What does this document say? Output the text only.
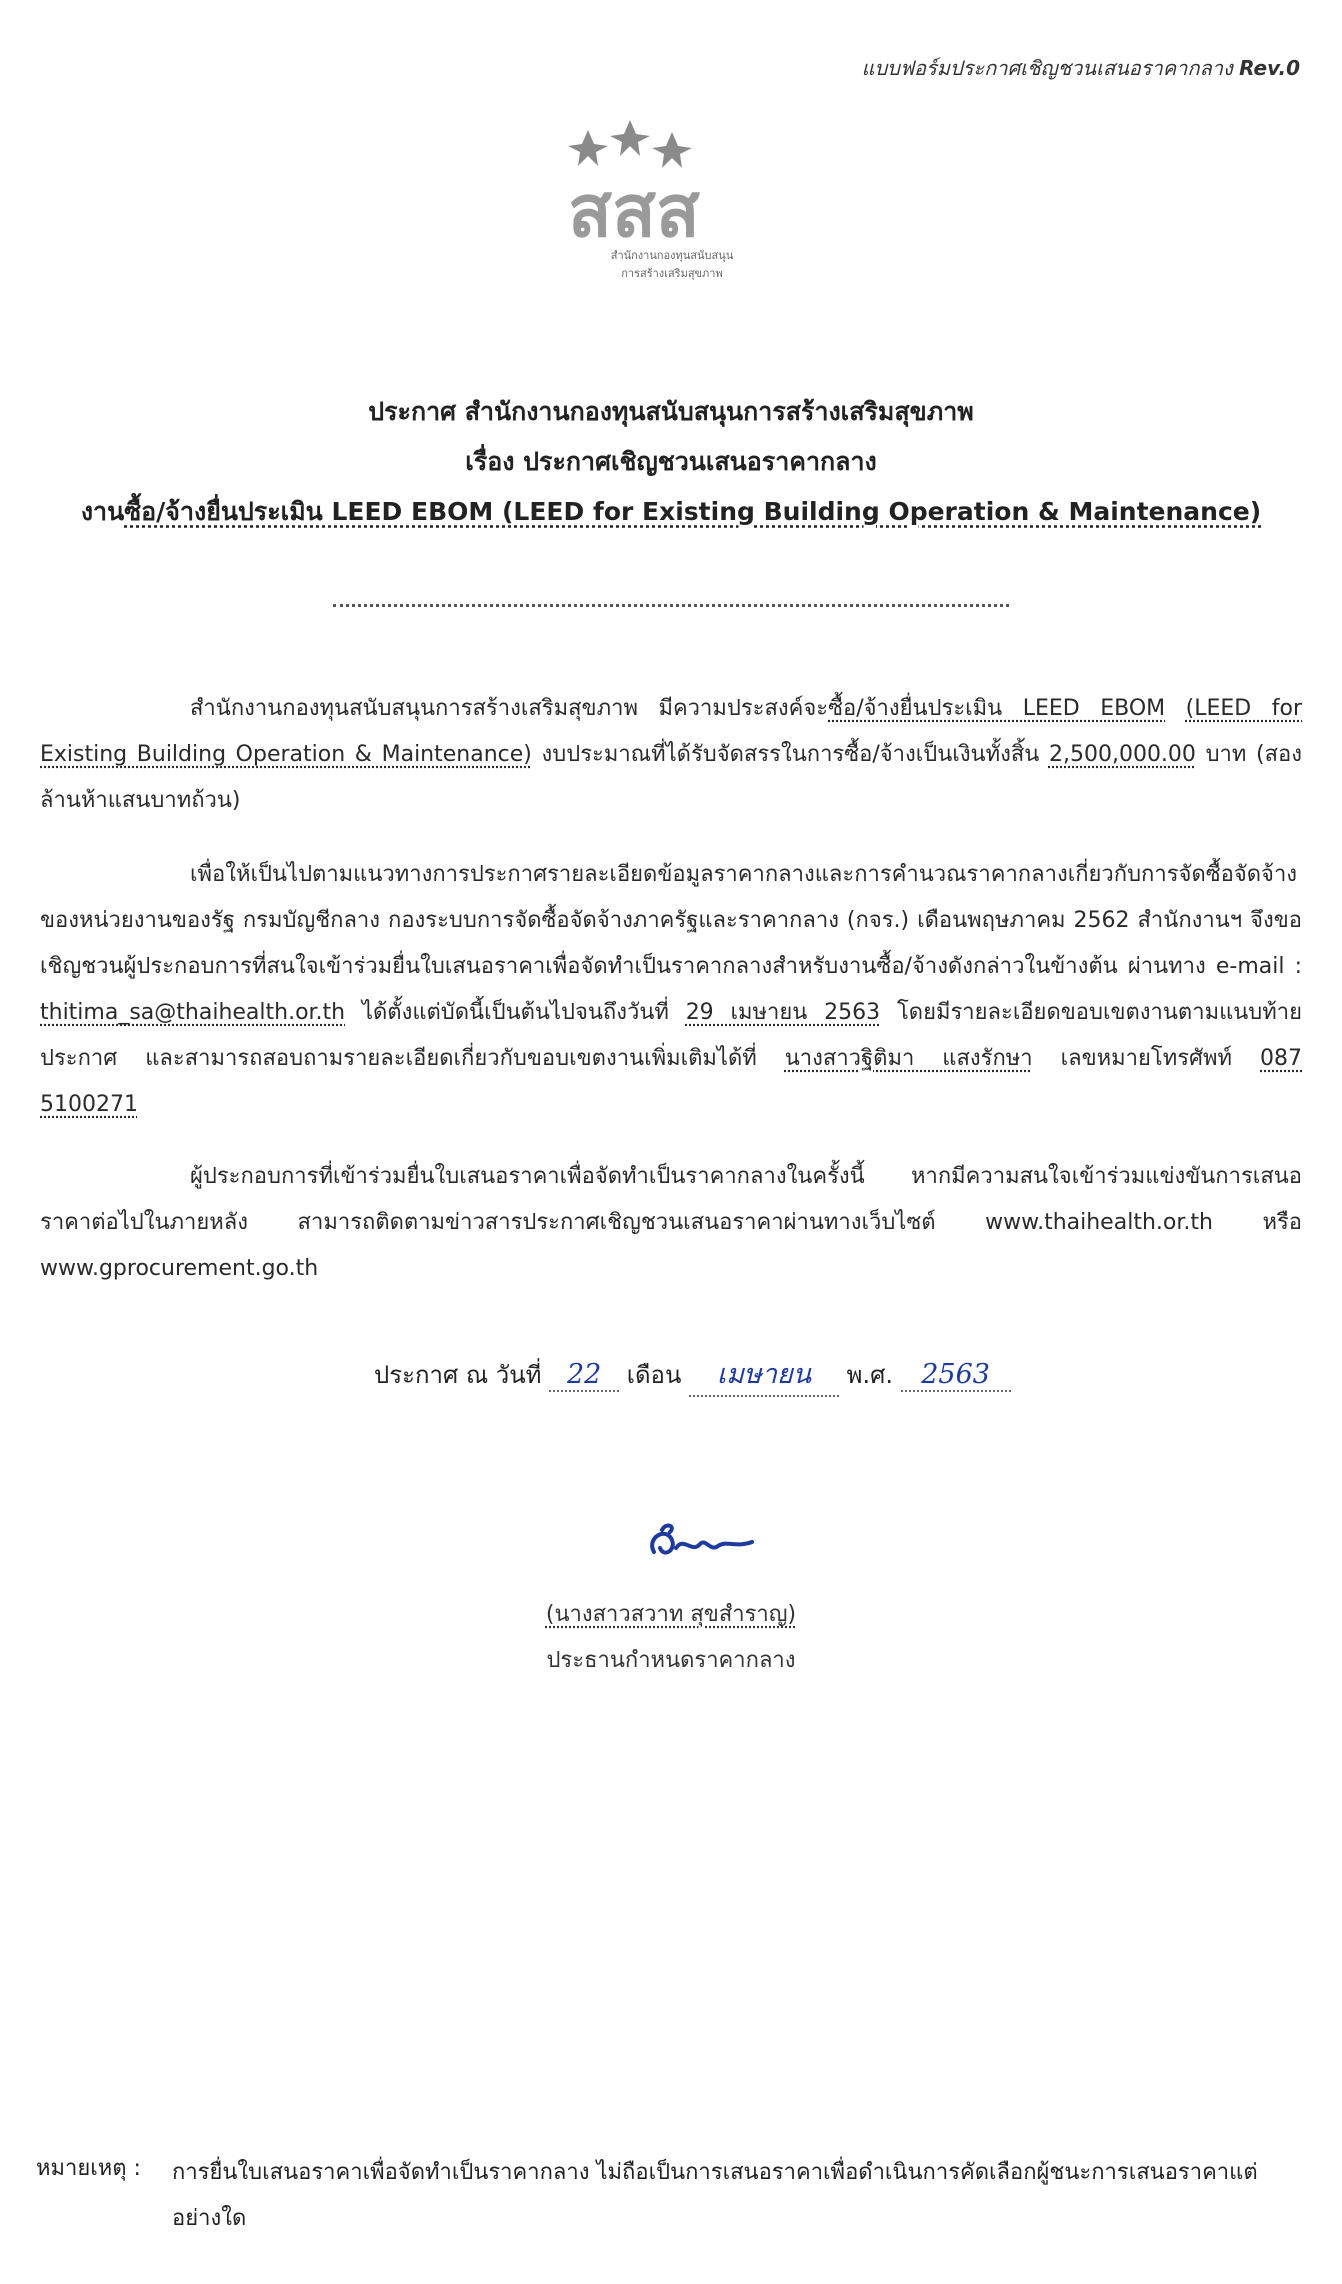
แบบฟอร์มประกาศเชิญชวนเสนอราคากลาง Rev.0
สสส
สำนักงานกองทุนสนับสนุน
การสร้างเสริมสุขภาพ
ประกาศ สำนักงานกองทุนสนับสนุนการสร้างเสริมสุขภาพ
เรื่อง ประกาศเชิญชวนเสนอราคากลาง
งานซื้อ/จ้างยื่นประเมิน LEED EBOM (LEED for Existing Building Operation & Maintenance)

สำนักงานกองทุนสนับสนุนการสร้างเสริมสุขภาพ มีความประสงค์จะซื้อ/จ้างยื่นประเมิน LEED EBOM (LEED for Existing Building Operation & Maintenance) งบประมาณที่ได้รับจัดสรรในการซื้อ/จ้างเป็นเงินทั้งสิ้น 2,500,000.00 บาท (สองล้านห้าแสนบาทถ้วน)

เพื่อให้เป็นไปตามแนวทางการประกาศรายละเอียดข้อมูลราคากลางและการคำนวณราคากลางเกี่ยวกับการจัดซื้อจัดจ้างของหน่วยงานของรัฐ กรมบัญชีกลาง กองระบบการจัดซื้อจัดจ้างภาครัฐและราคากลาง (กจร.) เดือนพฤษภาคม 2562 สำนักงานฯ จึงขอเชิญชวนผู้ประกอบการที่สนใจเข้าร่วมยื่นใบเสนอราคาเพื่อจัดทำเป็นราคากลางสำหรับงานซื้อ/จ้างดังกล่าวในข้างต้น ผ่านทาง e-mail : thitima_sa@thaihealth.or.th ได้ตั้งแต่บัดนี้เป็นต้นไปจนถึงวันที่ 29 เมษายน 2563 โดยมีรายละเอียดขอบเขตงานตามแนบท้ายประกาศ และสามารถสอบถามรายละเอียดเกี่ยวกับขอบเขตงานเพิ่มเติมได้ที่ นางสาวฐิติมา แสงรักษา เลขหมายโทรศัพท์ 087 5100271

ผู้ประกอบการที่เข้าร่วมยื่นใบเสนอราคาเพื่อจัดทำเป็นราคากลางในครั้งนี้ หากมีความสนใจเข้าร่วมแข่งขันการเสนอราคาต่อไปในภายหลัง สามารถติดตามข่าวสารประกาศเชิญชวนเสนอราคาผ่านทางเว็บไซต์ www.thaihealth.or.th หรือ www.gprocurement.go.th

ประกาศ ณ วันที่ 22 เดือน เมษายน พ.ศ. 2563
(นางสาวสวาท สุขสำราญ)
ประธานกำหนดราคากลาง
หมายเหตุ : การยื่นใบเสนอราคาเพื่อจัดทำเป็นราคากลาง ไม่ถือเป็นการเสนอราคาเพื่อดำเนินการคัดเลือกผู้ชนะการเสนอราคาแต่อย่างใด
